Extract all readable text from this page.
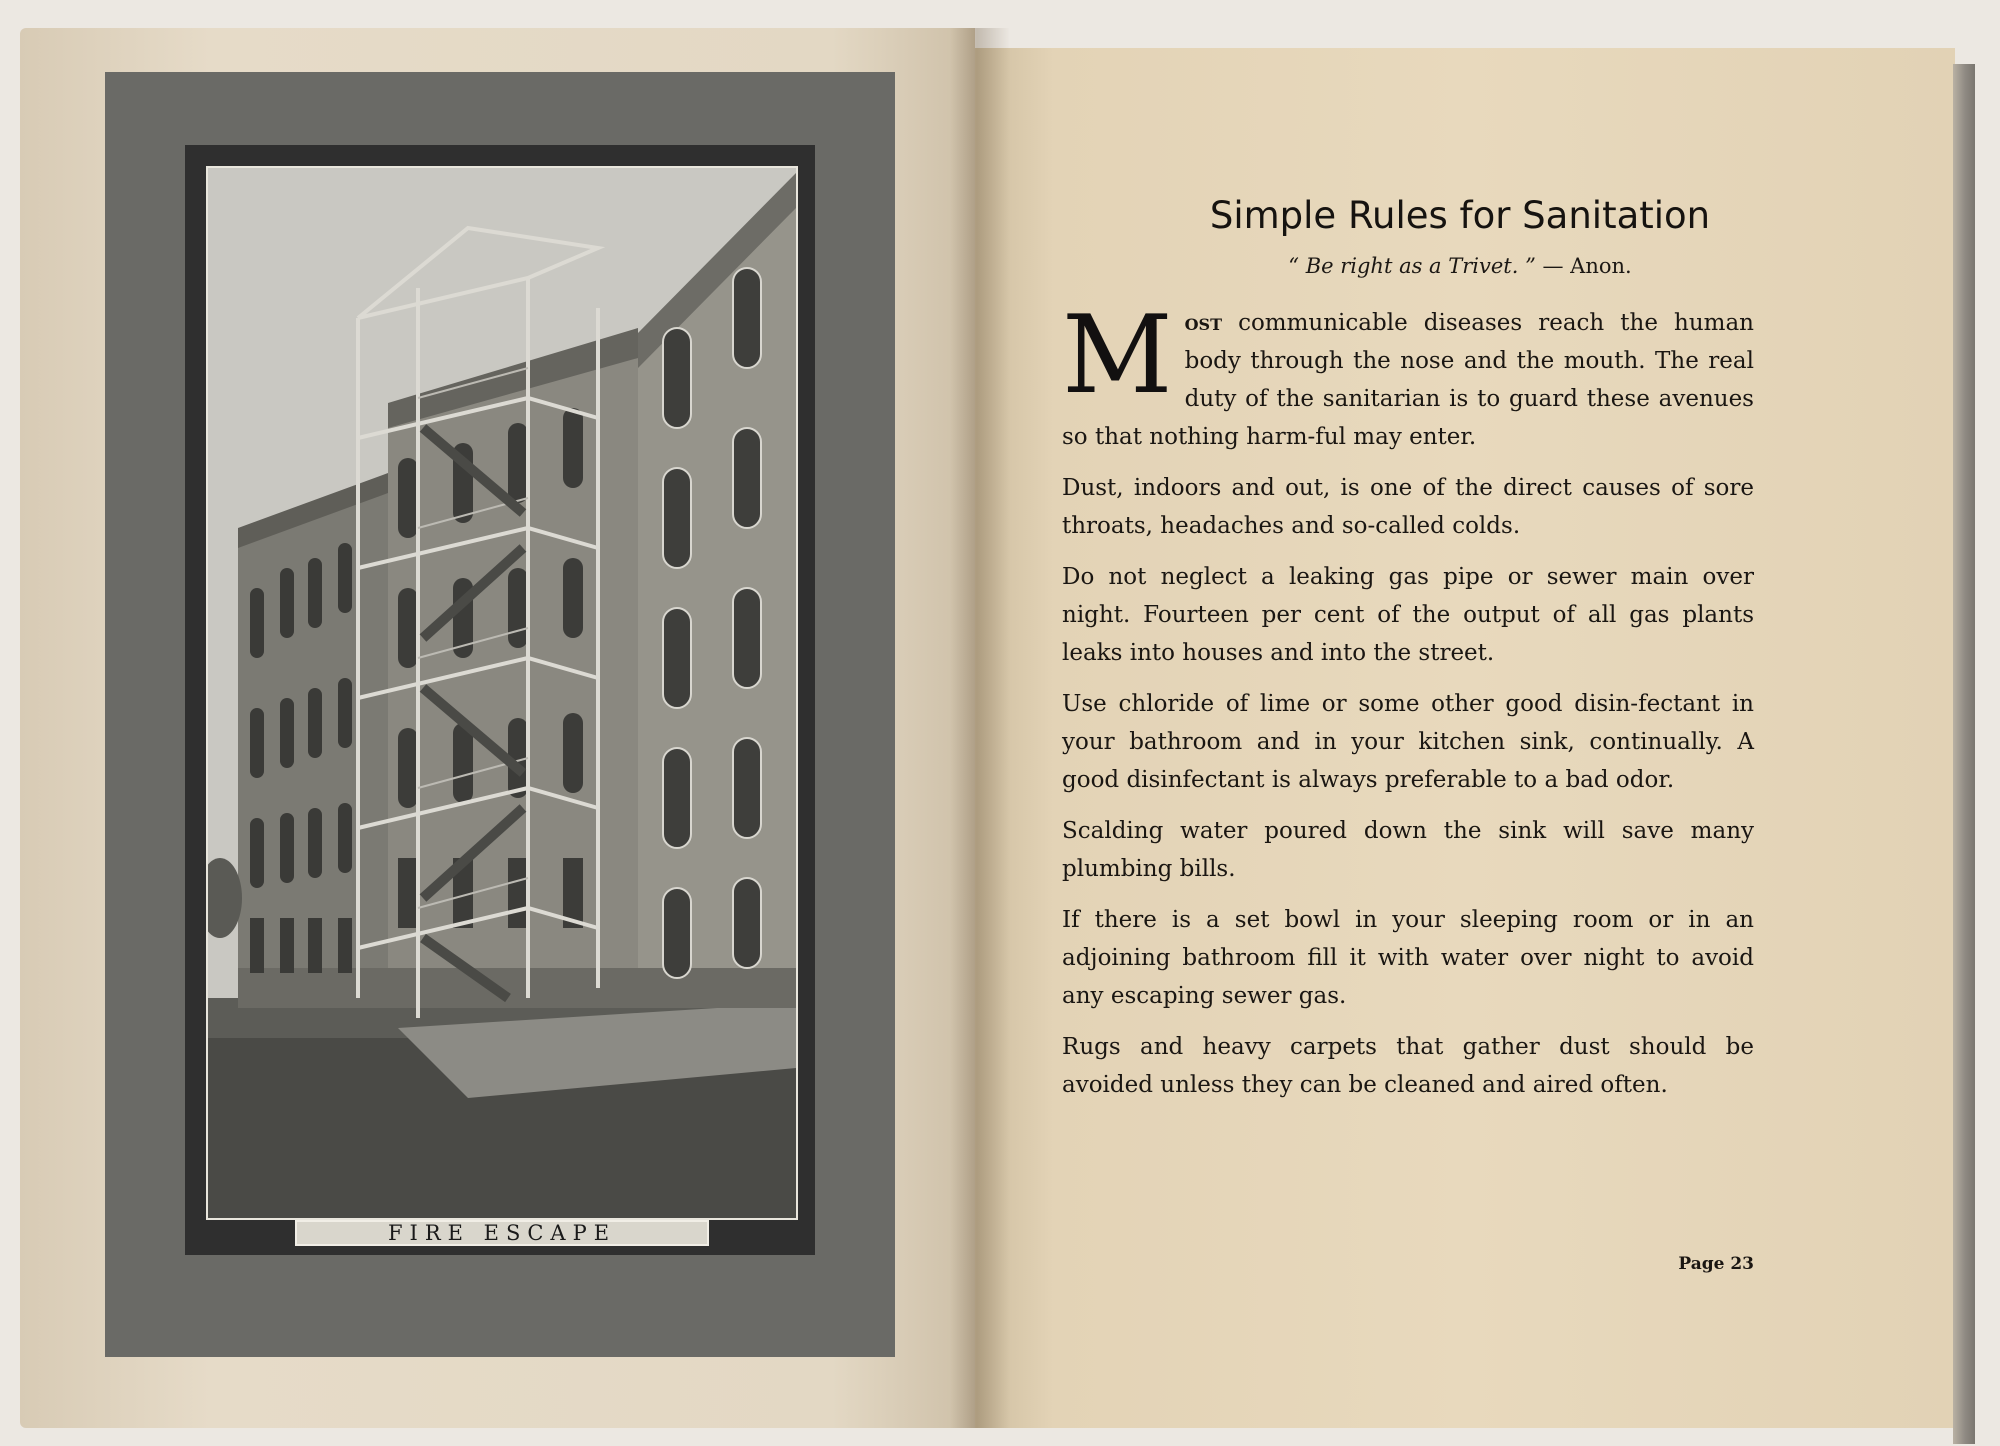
FIRE ESCAPE
Simple Rules for Sanitation
“ Be right as a Trivet. ” — Anon.

Most communicable diseases reach the human body through the nose and the mouth. The real duty of the sanitarian is to guard these avenues so that nothing harm-ful may enter.

Dust, indoors and out, is one of the direct causes of sore throats, headaches and so-called colds.

Do not neglect a leaking gas pipe or sewer main over night. Fourteen per cent of the output of all gas plants leaks into houses and into the street.

Use chloride of lime or some other good disin-fectant in your bathroom and in your kitchen sink, continually. A good disinfectant is always preferable to a bad odor.

Scalding water poured down the sink will save many plumbing bills.

If there is a set bowl in your sleeping room or in an adjoining bathroom fill it with water over night to avoid any escaping sewer gas.

Rugs and heavy carpets that gather dust should be avoided unless they can be cleaned and aired often.

Page 23
